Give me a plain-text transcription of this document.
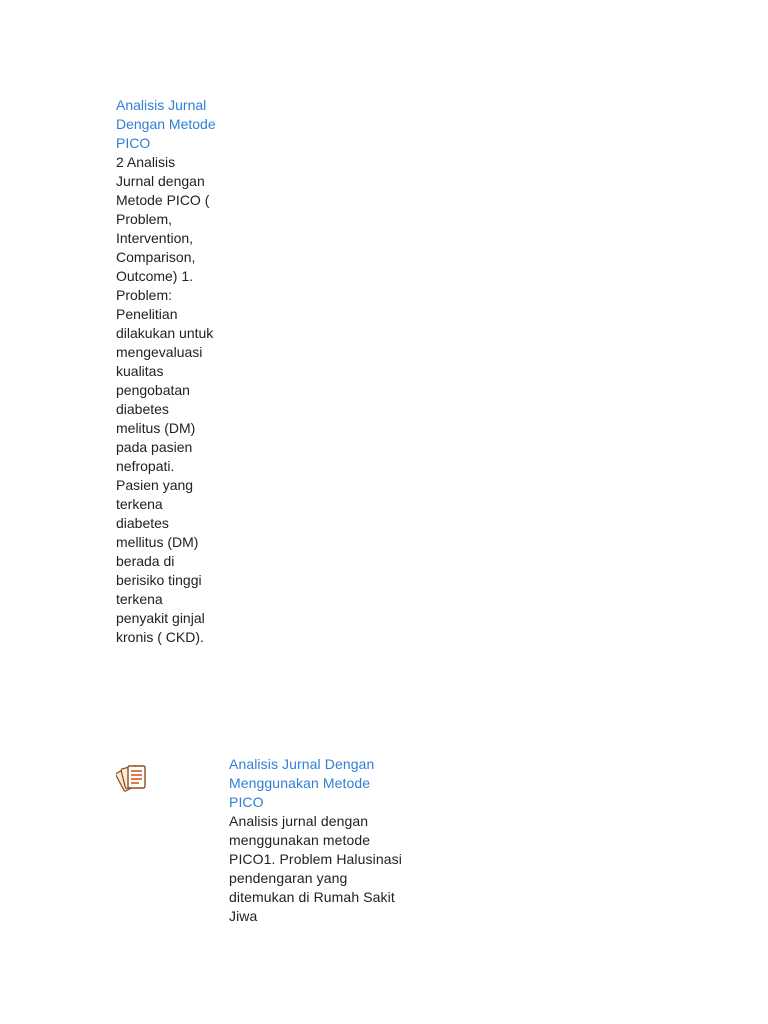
Analisis Jurnal Dengan Metode PICO

2 Analisis Jurnal dengan Metode PICO ( Problem, Intervention, Comparison, Outcome) 1. Problem: Penelitian dilakukan untuk mengevaluasi kualitas pengobatan diabetes melitus (DM) pada pasien nefropati. Pasien yang terkena diabetes mellitus (DM) berada di berisiko tinggi terkena penyakit ginjal kronis ( CKD).

Analisis Jurnal Dengan Menggunakan Metode PICO

Analisis jurnal dengan menggunakan metode PICO1. Problem Halusinasi pendengaran yang ditemukan di Rumah Sakit Jiwa
